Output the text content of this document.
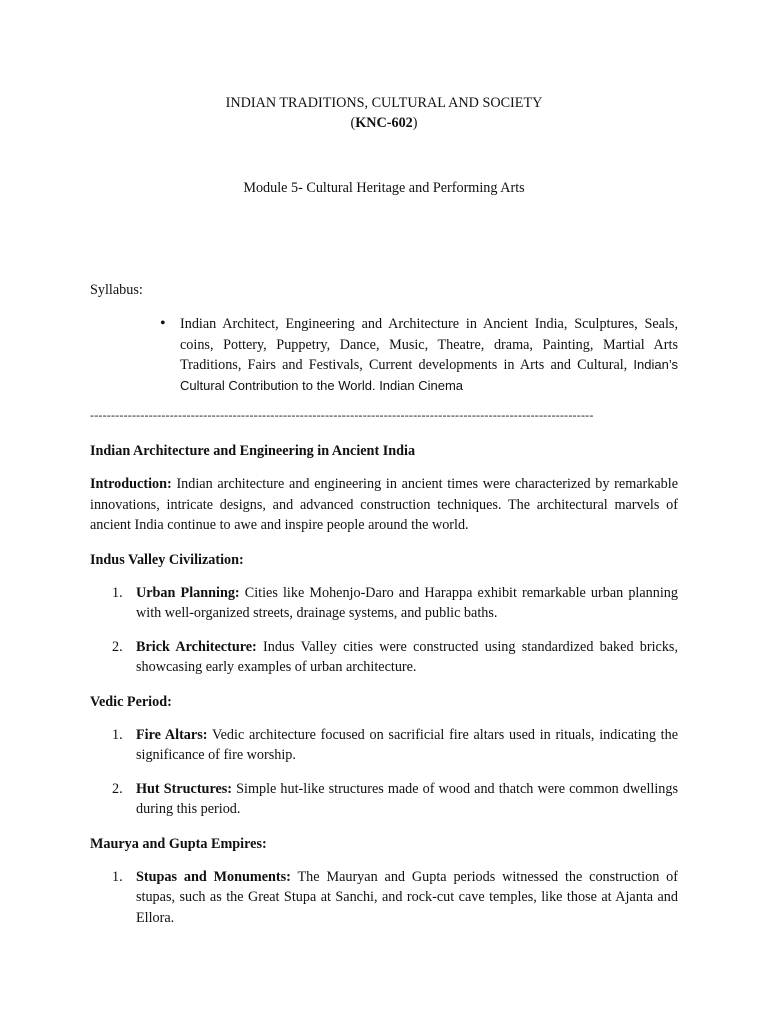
INDIAN TRADITIONS, CULTURAL AND SOCIETY
(KNC-602)
Module 5- Cultural Heritage and Performing Arts
Syllabus:
• Indian Architect, Engineering and Architecture in Ancient India, Sculptures, Seals, coins, Pottery, Puppetry, Dance, Music, Theatre, drama, Painting, Martial Arts Traditions, Fairs and Festivals, Current developments in Arts and Cultural, Indian’s Cultural Contribution to the World. Indian Cinema
------------------------------------------------------------------------------------------------------------------------
Indian Architecture and Engineering in Ancient India

Introduction: Indian architecture and engineering in ancient times were characterized by remarkable innovations, intricate designs, and advanced construction techniques. The architectural marvels of ancient India continue to awe and inspire people around the world.

Indus Valley Civilization:
1. Urban Planning: Cities like Mohenjo-Daro and Harappa exhibit remarkable urban planning with well-organized streets, drainage systems, and public baths.
2. Brick Architecture: Indus Valley cities were constructed using standardized baked bricks, showcasing early examples of urban architecture.
Vedic Period:
1. Fire Altars: Vedic architecture focused on sacrificial fire altars used in rituals, indicating the significance of fire worship.
2. Hut Structures: Simple hut-like structures made of wood and thatch were common dwellings during this period.
Maurya and Gupta Empires:
1. Stupas and Monuments: The Mauryan and Gupta periods witnessed the construction of stupas, such as the Great Stupa at Sanchi, and rock-cut cave temples, like those at Ajanta and Ellora.
